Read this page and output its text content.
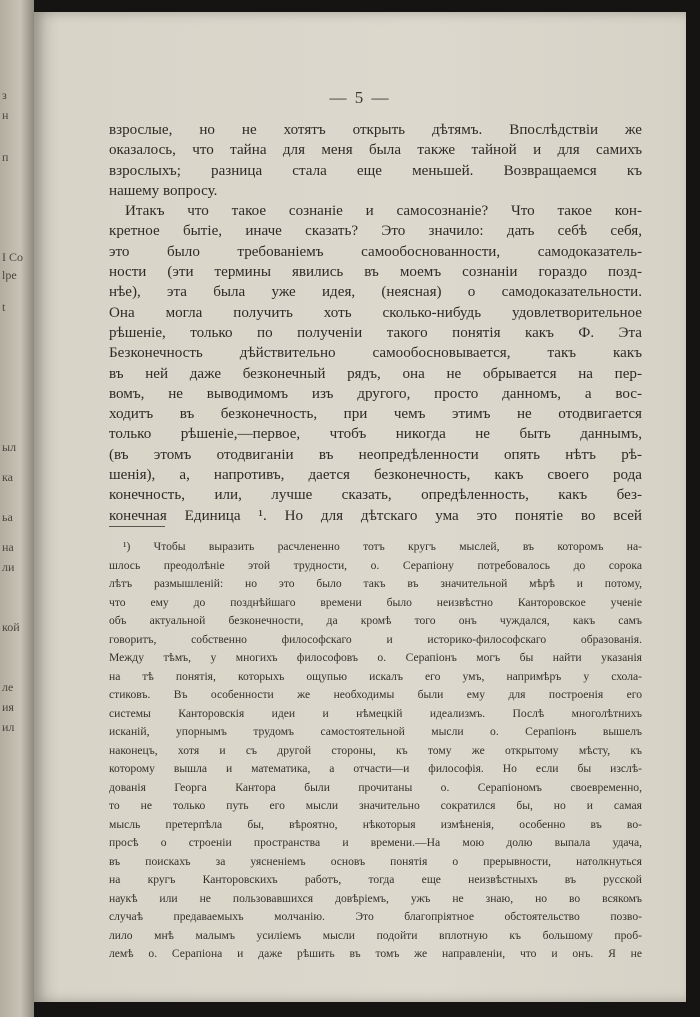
з
н
п
I Co
lpe
t
ыл
ка
ьа
на
ли
кой
ле
ия
ил
— 5 —
взрослые, но не хотятъ открыть дѣтямъ. Впослѣдствіи же
оказалось, что тайна для меня была также тайной и для самихъ
взрослыхъ; разница стала еще меньшей. Возвращаемся къ
нашему вопросу.
Итакъ что такое сознаніе и самосознаніе? Что такое кон-
кретное бытіе, иначе сказать? Это значило: дать себѣ себя,
это было требованіемъ самообоснованности, самодоказатель-
ности (эти термины явились въ моемъ сознаніи гораздо позд-
нѣе), эта была уже идея, (неясная) о самодоказательности.
Она могла получить хоть сколько-нибудь удовлетворительное
рѣшеніе, только по полученіи такого понятія какъ Ф. Эта
Безконечность дѣйствительно самообосновывается, такъ какъ
въ ней даже безконечный рядъ, она не обрывается на пер-
вомъ, не выводимомъ изъ другого, просто данномъ, а вос-
ходитъ въ безконечность, при чемъ этимъ не отодвигается
только рѣшеніе,—первое, чтобъ никогда не быть даннымъ,
(въ этомъ отодвиганіи въ неопредѣленности опять нѣтъ рѣ-
шенія), а, напротивъ, дается безконечность, какъ своего рода
конечность, или, лучше сказать, опредѣленность, какъ без-
конечная Единица ¹. Но для дѣтскаго ума это понятіе во всей
¹) Чтобы выразить расчлененно тотъ кругъ мыслей, въ которомъ на-
шлось преодолѣніе этой трудности, о. Серапіону потребовалось до сорока
лѣтъ размышленій: но это было такъ въ значительной мѣрѣ и потому,
что ему до позднѣйшаго времени было неизвѣстно Канторовское ученіе
объ актуальной безконечности, да кромѣ того онъ чуждался, какъ самъ
говоритъ, собственно философскаго и историко-философскаго образованія.
Между тѣмъ, у многихъ философовъ о. Серапіонъ могъ бы найти указанія
на тѣ понятія, которыхъ ощупью искалъ его умъ, напримѣръ у схола-
стиковъ. Въ особенности же необходимы были ему для построенія его
системы Канторовскія идеи и нѣмецкій идеализмъ. Послѣ многолѣтнихъ
исканій, упорнымъ трудомъ самостоятельной мысли о. Серапіонъ вышелъ
наконецъ, хотя и съ другой стороны, къ тому же открытому мѣсту, къ
которому вышла и математика, а отчасти—и философія. Но если бы изслѣ-
дованія Георга Кантора были прочитаны о. Серапіономъ своевременно,
то не только путь его мысли значительно сократился бы, но и самая
мысль претерпѣла бы, вѣроятно, нѣкоторыя измѣненія, особенно въ во-
просѣ о строеніи пространства и времени.—На мою долю выпала удача,
въ поискахъ за уясненіемъ основъ понятія о прерывности, натолкнуться
на кругъ Канторовскихъ работъ, тогда еще неизвѣстныхъ въ русской
наукѣ или не пользовавшихся довѣріемъ, ужъ не знаю, но во всякомъ
случаѣ предаваемыхъ молчанію. Это благопріятное обстоятельство позво-
лило мнѣ малымъ усиліемъ мысли подойти вплотную къ большому проб-
лемѣ о. Серапіона и даже рѣшить въ томъ же направленіи, что и онъ. Я не
